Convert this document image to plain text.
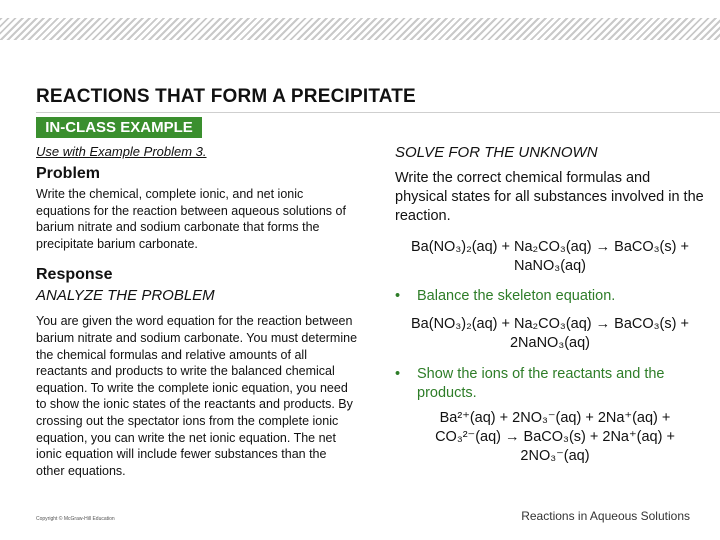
REACTIONS THAT FORM A PRECIPITATE
IN-CLASS EXAMPLE

Use with Example Problem 3.

Problem

Write the chemical, complete ionic, and net ionic equations for the reaction between aqueous solutions of barium nitrate and sodium carbonate that forms the precipitate barium carbonate.

Response

ANALYZE THE PROBLEM

You are given the word equation for the reaction between barium nitrate and sodium carbonate. You must determine the chemical formulas and relative amounts of all reactants and products to write the balanced chemical equation. To write the complete ionic equation, you need to show the ionic states of the reactants and products. By crossing out the spectator ions from the complete ionic equation, you can write the net ionic equation. The net ionic equation will include fewer substances than the other equations.

SOLVE FOR THE UNKNOWN

Write the correct chemical formulas and physical states for all substances involved in the reaction.

Ba(NO₃)₂(aq) + Na₂CO₃(aq) → BaCO₃(s) + NaNO₃(aq)

• Balance the skeleton equation.

Ba(NO₃)₂(aq) + Na₂CO₃(aq) → BaCO₃(s) + 2NaNO₃(aq)

• Show the ions of the reactants and the products.

Ba²⁺(aq) + 2NO₃⁻(aq) + 2Na⁺(aq) + CO₃²⁻(aq) → BaCO₃(s) + 2Na⁺(aq) + 2NO₃⁻(aq)

Copyright © McGraw-Hill Education	Reactions in Aqueous Solutions
